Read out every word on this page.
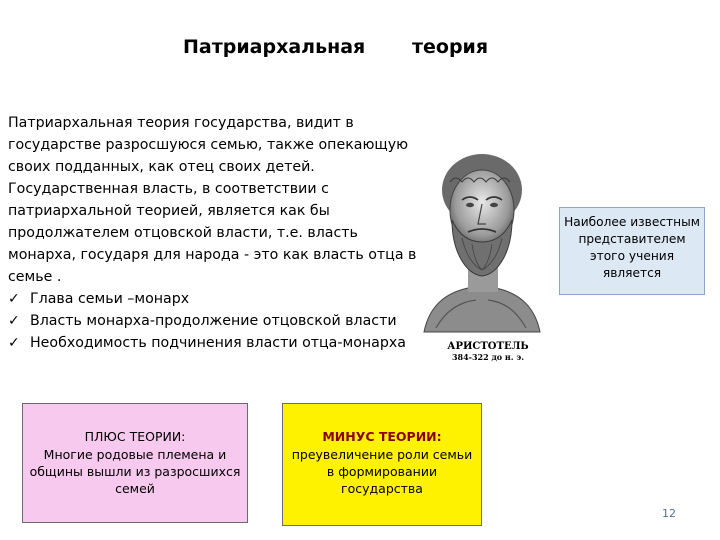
Патриархальная теория

Патриархальная теория государства, видит в

государстве разросшуюся семью, также опекающую

своих подданных, как отец своих детей.

Государственная власть, в соответствии с

патриархальной теорией, является как бы

продолжателем отцовской власти, т.е. власть

монарха, государя для народа - это как власть отца в

семье .

✓ Глава семьи –монарх
✓ Власть монарха-продолжение отцовской власти
✓ Необходимость подчинения власти отца-монарха	АРИСТОТЕЛЬ
384-322 до н. э.
Наиболее известным
представителем
этого учения
является
ПЛЮС ТЕОРИИ:
Многие родовые племена и
общины вышли из разросшихся
семей
МИНУС ТЕОРИИ:
преувеличение роли семьи
в формировании
государства
12
